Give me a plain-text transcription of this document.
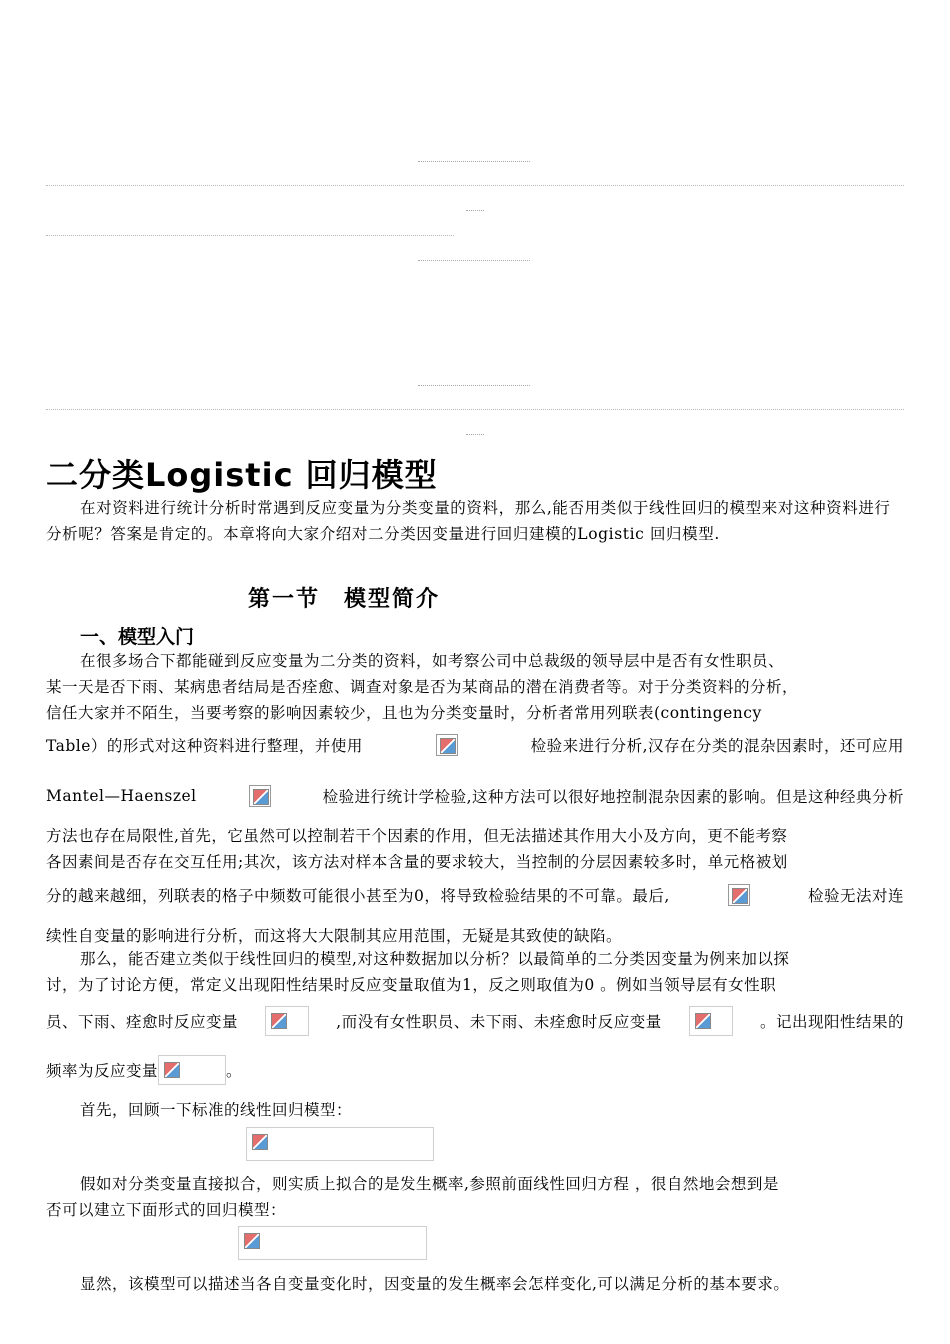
二分类Logistic 回归模型
在对资料进行统计分析时常遇到反应变量为分类变量的资料，那么,能否用类似于线性回归的模型来对这种资料进行分析呢？答案是肯定的。本章将向大家介绍对二分类因变量进行回归建模的Logistic 回归模型.
第一节　模型简介
一、模型入门
在很多场合下都能碰到反应变量为二分类的资料，如考察公司中总裁级的领导层中是否有女性职员、
某一天是否下雨、某病患者结局是否痊愈、调查对象是否为某商品的潜在消费者等。对于分类资料的分析，
信任大家并不陌生，当要考察的影响因素较少，且也为分类变量时，分析者常用列联表(contingency
Table）的形式对这种资料进行整理，并使用	检验来进行分析,汉存在分类的混杂因素时，还可应用
Mantel—Haenszel	检验进行统计学检验,这种方法可以很好地控制混杂因素的影响。但是这种经典分析
方法也存在局限性,首先，它虽然可以控制若干个因素的作用，但无法描述其作用大小及方向，更不能考察
各因素间是否存在交互任用;其次，该方法对样本含量的要求较大，当控制的分层因素较多时，单元格被划
分的越来越细，列联表的格子中频数可能很小甚至为0，将导致检验结果的不可靠。最后,	检验无法对连
续性自变量的影响进行分析，而这将大大限制其应用范围，无疑是其致使的缺陷。
那么，能否建立类似于线性回归的模型,对这种数据加以分析？以最简单的二分类因变量为例来加以探
讨，为了讨论方便，常定义出现阳性结果时反应变量取值为1，反之则取值为0 。例如当领导层有女性职
员、下雨、痊愈时反应变量	,而没有女性职员、未下雨、未痊愈时反应变量	。记出现阳性结果的
频率为反应变量	。
首先，回顾一下标准的线性回归模型：
假如对分类变量直接拟合，则实质上拟合的是发生概率,参照前面线性回归方程 ，很自然地会想到是
否可以建立下面形式的回归模型：
显然，该模型可以描述当各自变量变化时，因变量的发生概率会怎样变化,可以满足分析的基本要求。
